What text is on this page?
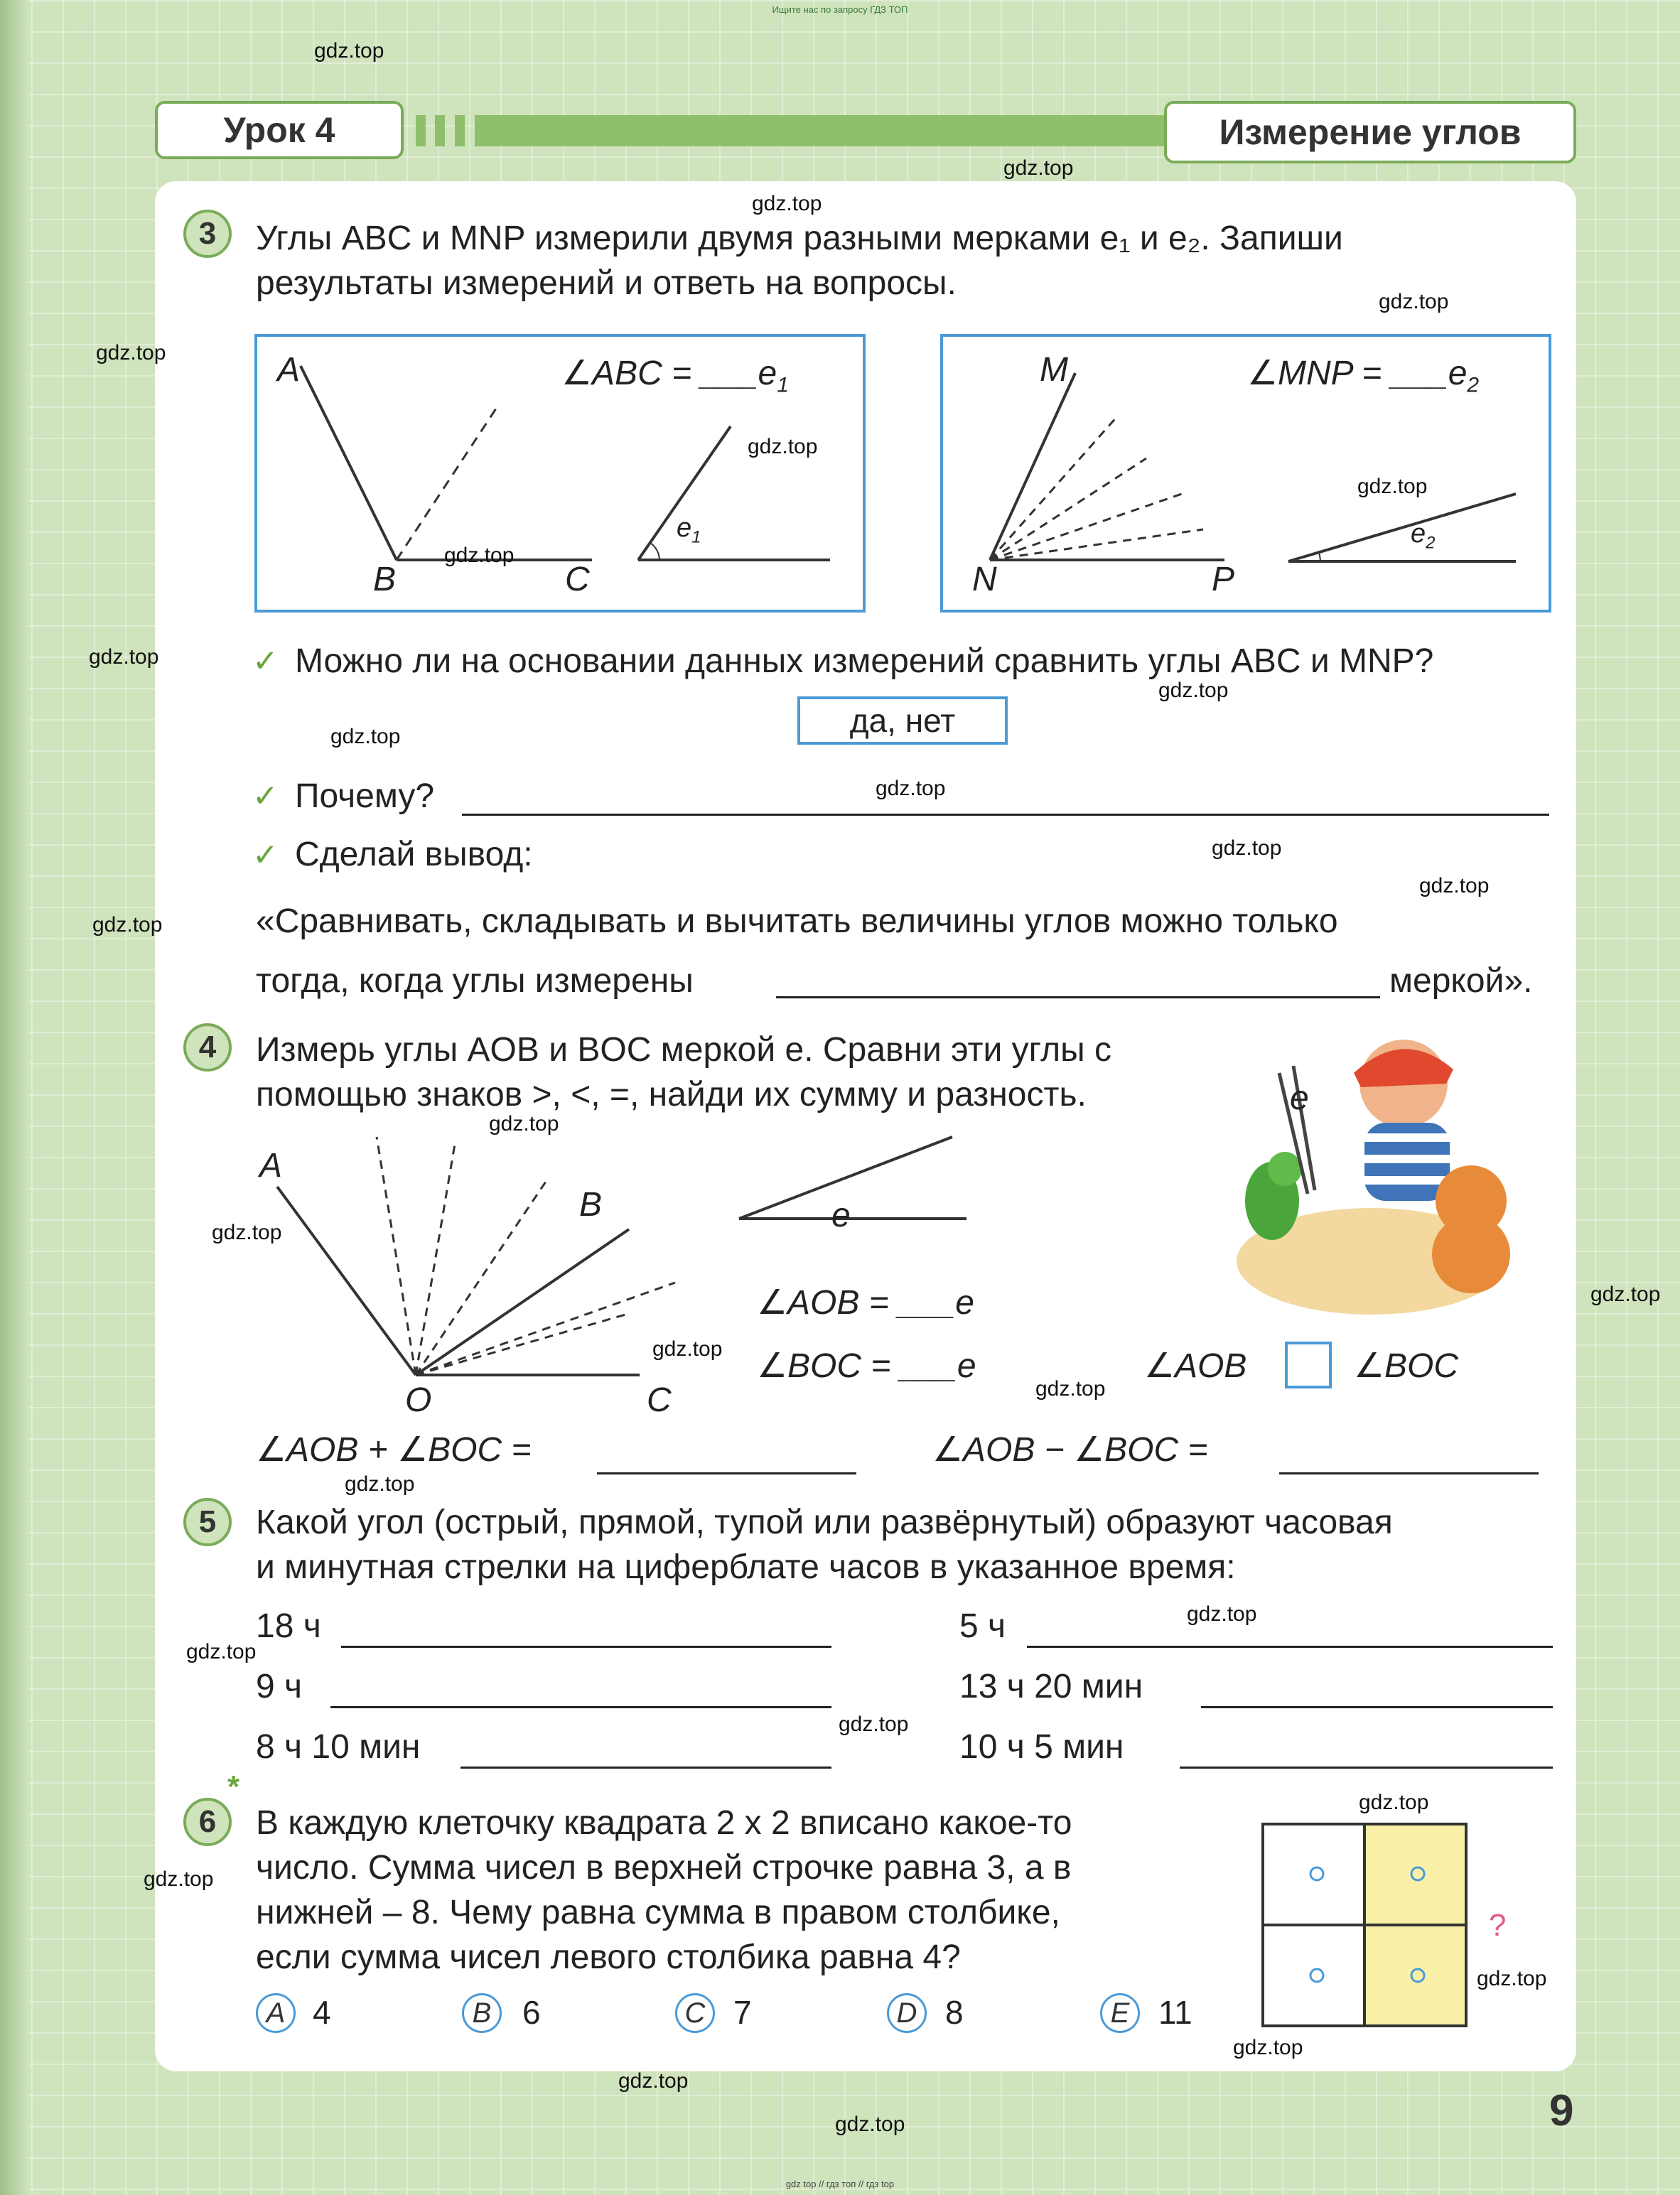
Ищите нас по запросу ГДЗ ТОП
Урок 4	Измерение углов
3	Углы ABC и MNP измерили двумя разными мерками e₁ и e₂. Запиши
результаты измерений и ответь на вопросы.
A
B	C
∠ABC = $\_\_\_e_1$
$e_1$
M
N	P
∠MNP = $\_\_\_e_2$
$e_2$
✓ Можно ли на основании данных измерений сравнить углы ABC и MNP?
да, нет
✓ Почему?
✓ Сделай вывод:
«Сравнивать, складывать и вычитать величины углов можно только
тогда, когда углы измерены	меркой».
4	Измерь углы AOB и BOC меркой e. Сравни эти углы с
помощью знаков >, <, =, найди их сумму и разность.
A
B
O	C
e
∠AOB = ___e
∠BOC = ___e	∠AOB	∠BOC
e
∠AOB + ∠BOC =	∠AOB − ∠BOC =
5	Какой угол (острый, прямой, тупой или развёрнутый) образуют часовая
и минутная стрелки на циферблате часов в указанное время:
18 ч	5 ч
9 ч	13 ч 20 мин
8 ч 10 мин	10 ч 5 мин
*
6	В каждую клеточку квадрата 2 х 2 вписано какое-то
число. Сумма чисел в верхней строчке равна 3, а в
нижней – 8. Чему равна сумма в правом столбике,
если сумма чисел левого столбика равна 4?
?
A 4	B 6	C 7	D 8	E 11
9
gdz.top
gdz.top
gdz.top
gdz.top
gdz.top
gdz.top
gdz.top
gdz.top
gdz.top
gdz.top
gdz.top
gdz.top
gdz.top
gdz.top
gdz.top
gdz.top
gdz.top
gdz.top
gdz.top
gdz.top
gdz.top
gdz.top
gdz.top
gdz.top
gdz.top
gdz.top
gdz.top
gdz.top
gdz.top
gdz.top
gdz top // гдз топ // гдз top
